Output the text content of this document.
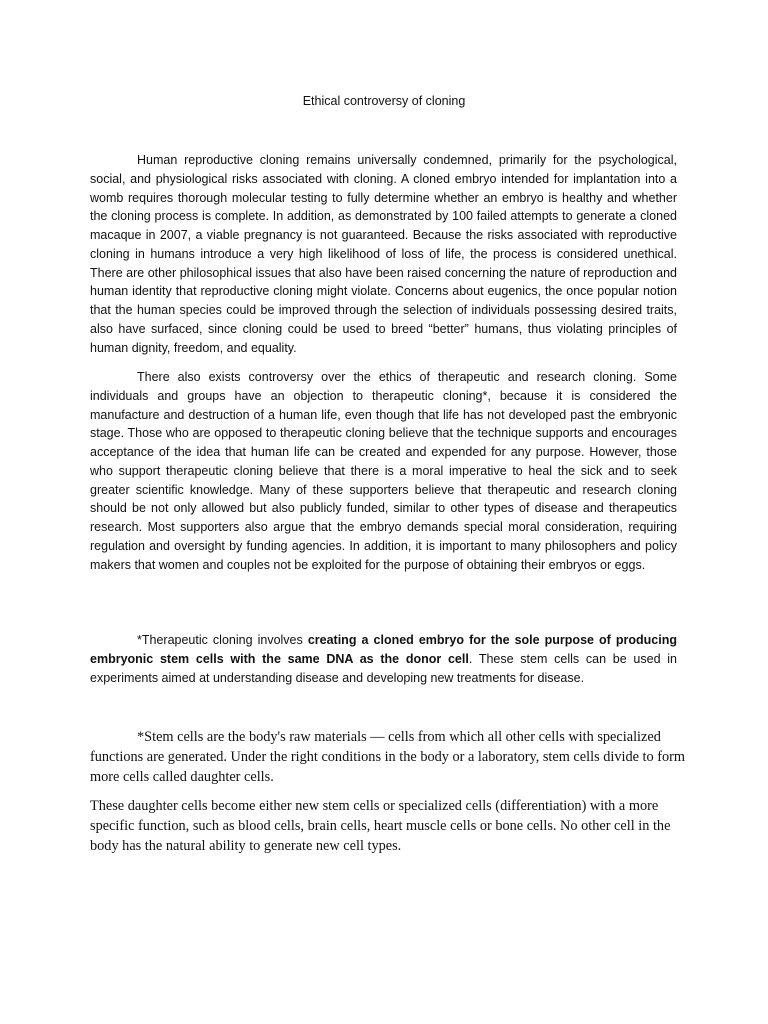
Ethical controversy of cloning

Human reproductive cloning remains universally condemned, primarily for the psychological, social, and physiological risks associated with cloning. A cloned embryo intended for implantation into a womb requires thorough molecular testing to fully determine whether an embryo is healthy and whether the cloning process is complete. In addition, as demonstrated by 100 failed attempts to generate a cloned macaque in 2007, a viable pregnancy is not guaranteed. Because the risks associated with reproductive cloning in humans introduce a very high likelihood of loss of life, the process is considered unethical. There are other philosophical issues that also have been raised concerning the nature of reproduction and human identity that reproductive cloning might violate. Concerns about eugenics, the once popular notion that the human species could be improved through the selection of individuals possessing desired traits, also have surfaced, since cloning could be used to breed “better” humans, thus violating principles of human dignity, freedom, and equality.

There also exists controversy over the ethics of therapeutic and research cloning. Some individuals and groups have an objection to therapeutic cloning*, because it is considered the manufacture and destruction of a human life, even though that life has not developed past the embryonic stage. Those who are opposed to therapeutic cloning believe that the technique supports and encourages acceptance of the idea that human life can be created and expended for any purpose. However, those who support therapeutic cloning believe that there is a moral imperative to heal the sick and to seek greater scientific knowledge. Many of these supporters believe that therapeutic and research cloning should be not only allowed but also publicly funded, similar to other types of disease and therapeutics research. Most supporters also argue that the embryo demands special moral consideration, requiring regulation and oversight by funding agencies. In addition, it is important to many philosophers and policy makers that women and couples not be exploited for the purpose of obtaining their embryos or eggs.

*Therapeutic cloning involves creating a cloned embryo for the sole purpose of producing embryonic stem cells with the same DNA as the donor cell. These stem cells can be used in experiments aimed at understanding disease and developing new treatments for disease.

*Stem cells are the body's raw materials — cells from which all other cells with specialized functions are generated. Under the right conditions in the body or a laboratory, stem cells divide to form more cells called daughter cells.

These daughter cells become either new stem cells or specialized cells (differentiation) with a more specific function, such as blood cells, brain cells, heart muscle cells or bone cells. No other cell in the body has the natural ability to generate new cell types.
